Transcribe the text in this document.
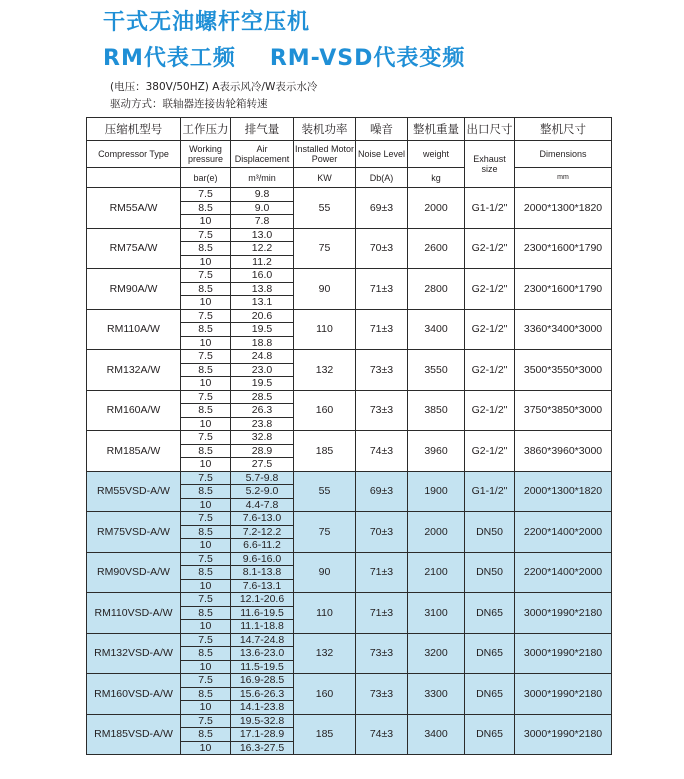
干式无油螺杆空压机
RM代表工频 RM-VSD代表变频
(电压：380V/50HZ) A表示风冷/W表示水冷
驱动方式：联轴器连接齿轮箱转速
压缩机型号	工作压力	排气量	装机功率	噪音	整机重量	出口尺寸	整机尺寸
Compressor Type	Working pressure	Air Displacement	Installed Motor Power	Noise Level	weight	Exhaust size	Dimensions
	bar(e)	m³/min	KW	Db(A)			
					kg		mm
RM55A/W	7.5	9.8	55	69±3	2000	G1-1/2"	2000*1300*1820
	8.5	9.0					
	10	7.8					
RM75A/W	7.5	13.0	75	70±3	2600	G2-1/2"	2300*1600*1790
	8.5	12.2					
	10	11.2					
RM90A/W	7.5	16.0	90	71±3	2800	G2-1/2"	2300*1600*1790
	8.5	13.8					
	10	13.1					
RM110A/W	7.5	20.6	110	71±3	3400	G2-1/2"	3360*3400*3000
	8.5	19.5					
	10	18.8					
RM132A/W	7.5	24.8	132	73±3	3550	G2-1/2"	3500*3550*3000
	8.5	23.0					
	10	19.5					
RM160A/W	7.5	28.5	160	73±3	3850	G2-1/2"	3750*3850*3000
	8.5	26.3					
	10	23.8					
RM185A/W	7.5	32.8	185	74±3	3960	G2-1/2"	3860*3960*3000
	8.5	28.9					
	10	27.5					
RM55VSD-A/W	7.5	5.7-9.8	55	69±3	1900	G1-1/2"	2000*1300*1820
	8.5	5.2-9.0					
	10	4.4-7.8					
RM75VSD-A/W	7.5	7.6-13.0	75	70±3	2000	DN50	2200*1400*2000
	8.5	7.2-12.2					
	10	6.6-11.2					
RM90VSD-A/W	7.5	9.6-16.0	90	71±3	2100	DN50	2200*1400*2000
	8.5	8.1-13.8					
	10	7.6-13.1					
RM110VSD-A/W	7.5	12.1-20.6	110	71±3	3100	DN65	3000*1990*2180
	8.5	11.6-19.5					
	10	11.1-18.8					
RM132VSD-A/W	7.5	14.7-24.8	132	73±3	3200	DN65	3000*1990*2180
	8.5	13.6-23.0					
	10	11.5-19.5					
RM160VSD-A/W	7.5	16.9-28.5	160	73±3	3300	DN65	3000*1990*2180
	8.5	15.6-26.3					
	10	14.1-23.8					
RM185VSD-A/W	7.5	19.5-32.8	185	74±3	3400	DN65	3000*1990*2180
	8.5	17.1-28.9					
	10	16.3-27.5					
